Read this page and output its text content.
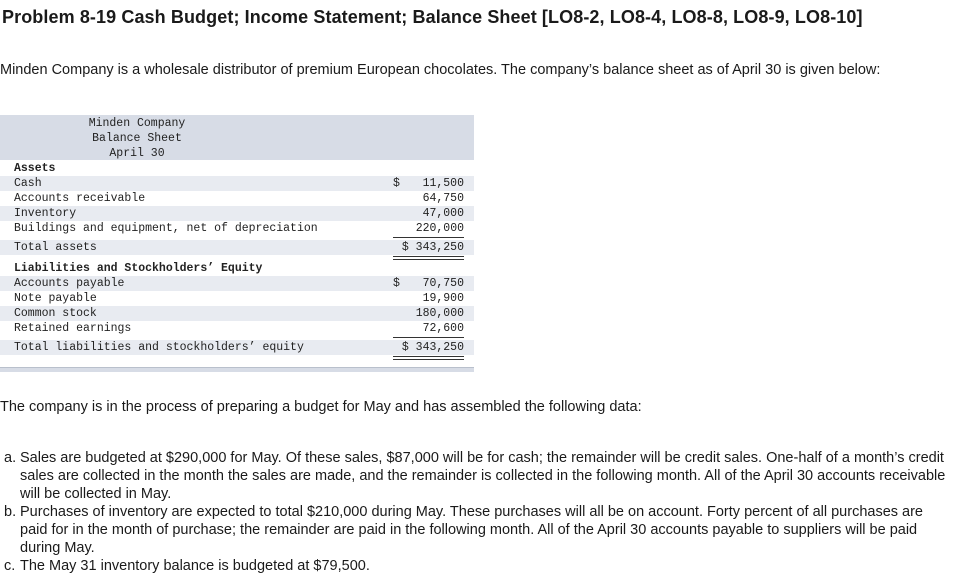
Problem 8-19 Cash Budget; Income Statement; Balance Sheet [LO8-2, LO8-4, LO8-8, LO8-9, LO8-10]
Minden Company is a wholesale distributor of premium European chocolates. The company’s balance sheet as of April 30 is given below:
Minden Company
Balance Sheet
April 30
Assets
Cash	$ 11,500
Accounts receivable	64,750
Inventory	47,000
Buildings and equipment, net of depreciation	220,000
Total assets	$ 343,250
Liabilities and Stockholders’ Equity
Accounts payable	$ 70,750
Note payable	19,900
Common stock	180,000
Retained earnings	72,600
Total liabilities and stockholders’ equity	$ 343,250
The company is in the process of preparing a budget for May and has assembled the following data:
a. Sales are budgeted at $290,000 for May. Of these sales, $87,000 will be for cash; the remainder will be credit sales. One-half of a month’s credit sales are collected in the month the sales are made, and the remainder is collected in the following month. All of the April 30 accounts receivable will be collected in May.
b. Purchases of inventory are expected to total $210,000 during May. These purchases will all be on account. Forty percent of all purchases are paid for in the month of purchase; the remainder are paid in the following month. All of the April 30 accounts payable to suppliers will be paid during May.
c. The May 31 inventory balance is budgeted at $79,500.
